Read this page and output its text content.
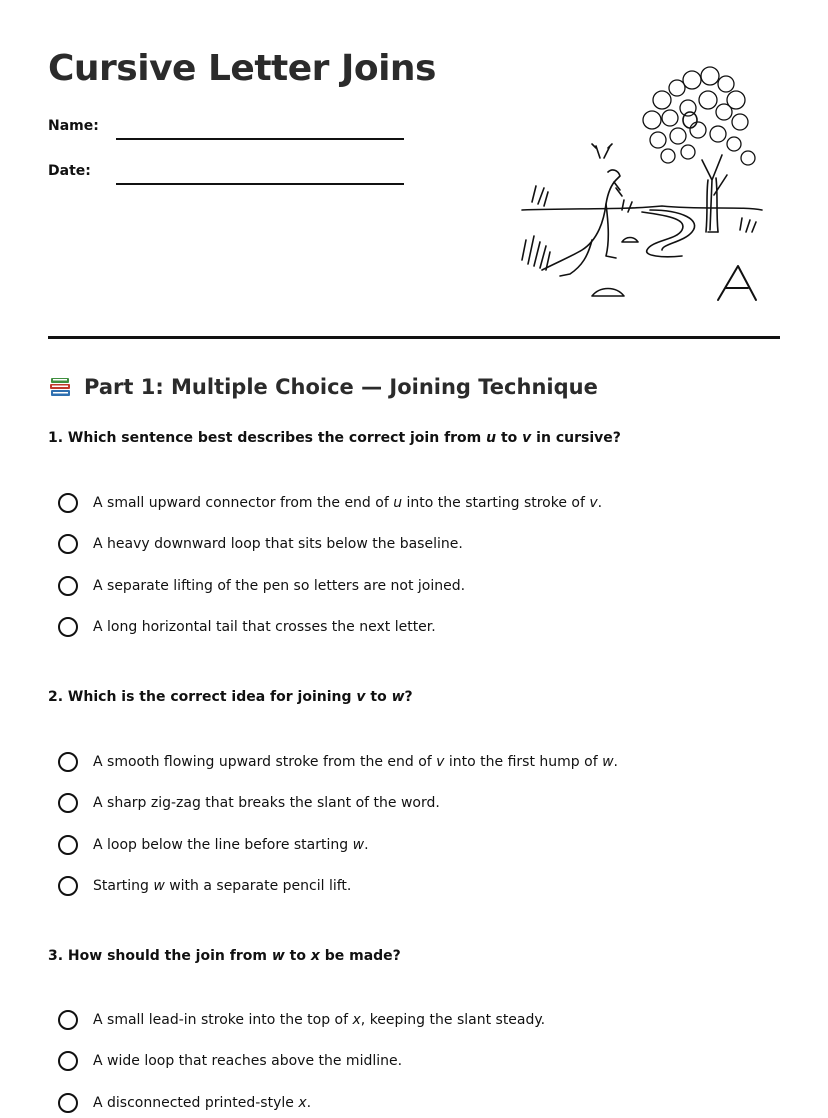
Cursive Letter Joins
Name:
Date:
Part 1: Multiple Choice — Joining Technique
1. Which sentence best describes the correct join from u to v in cursive?
A small upward connector from the end of u into the starting stroke of v.
A heavy downward loop that sits below the baseline.
A separate lifting of the pen so letters are not joined.
A long horizontal tail that crosses the next letter.
2. Which is the correct idea for joining v to w?
A smooth flowing upward stroke from the end of v into the first hump of w.
A sharp zig-zag that breaks the slant of the word.
A loop below the line before starting w.
Starting w with a separate pencil lift.
3. How should the join from w to x be made?
A small lead-in stroke into the top of x, keeping the slant steady.
A wide loop that reaches above the midline.
A disconnected printed-style x.
